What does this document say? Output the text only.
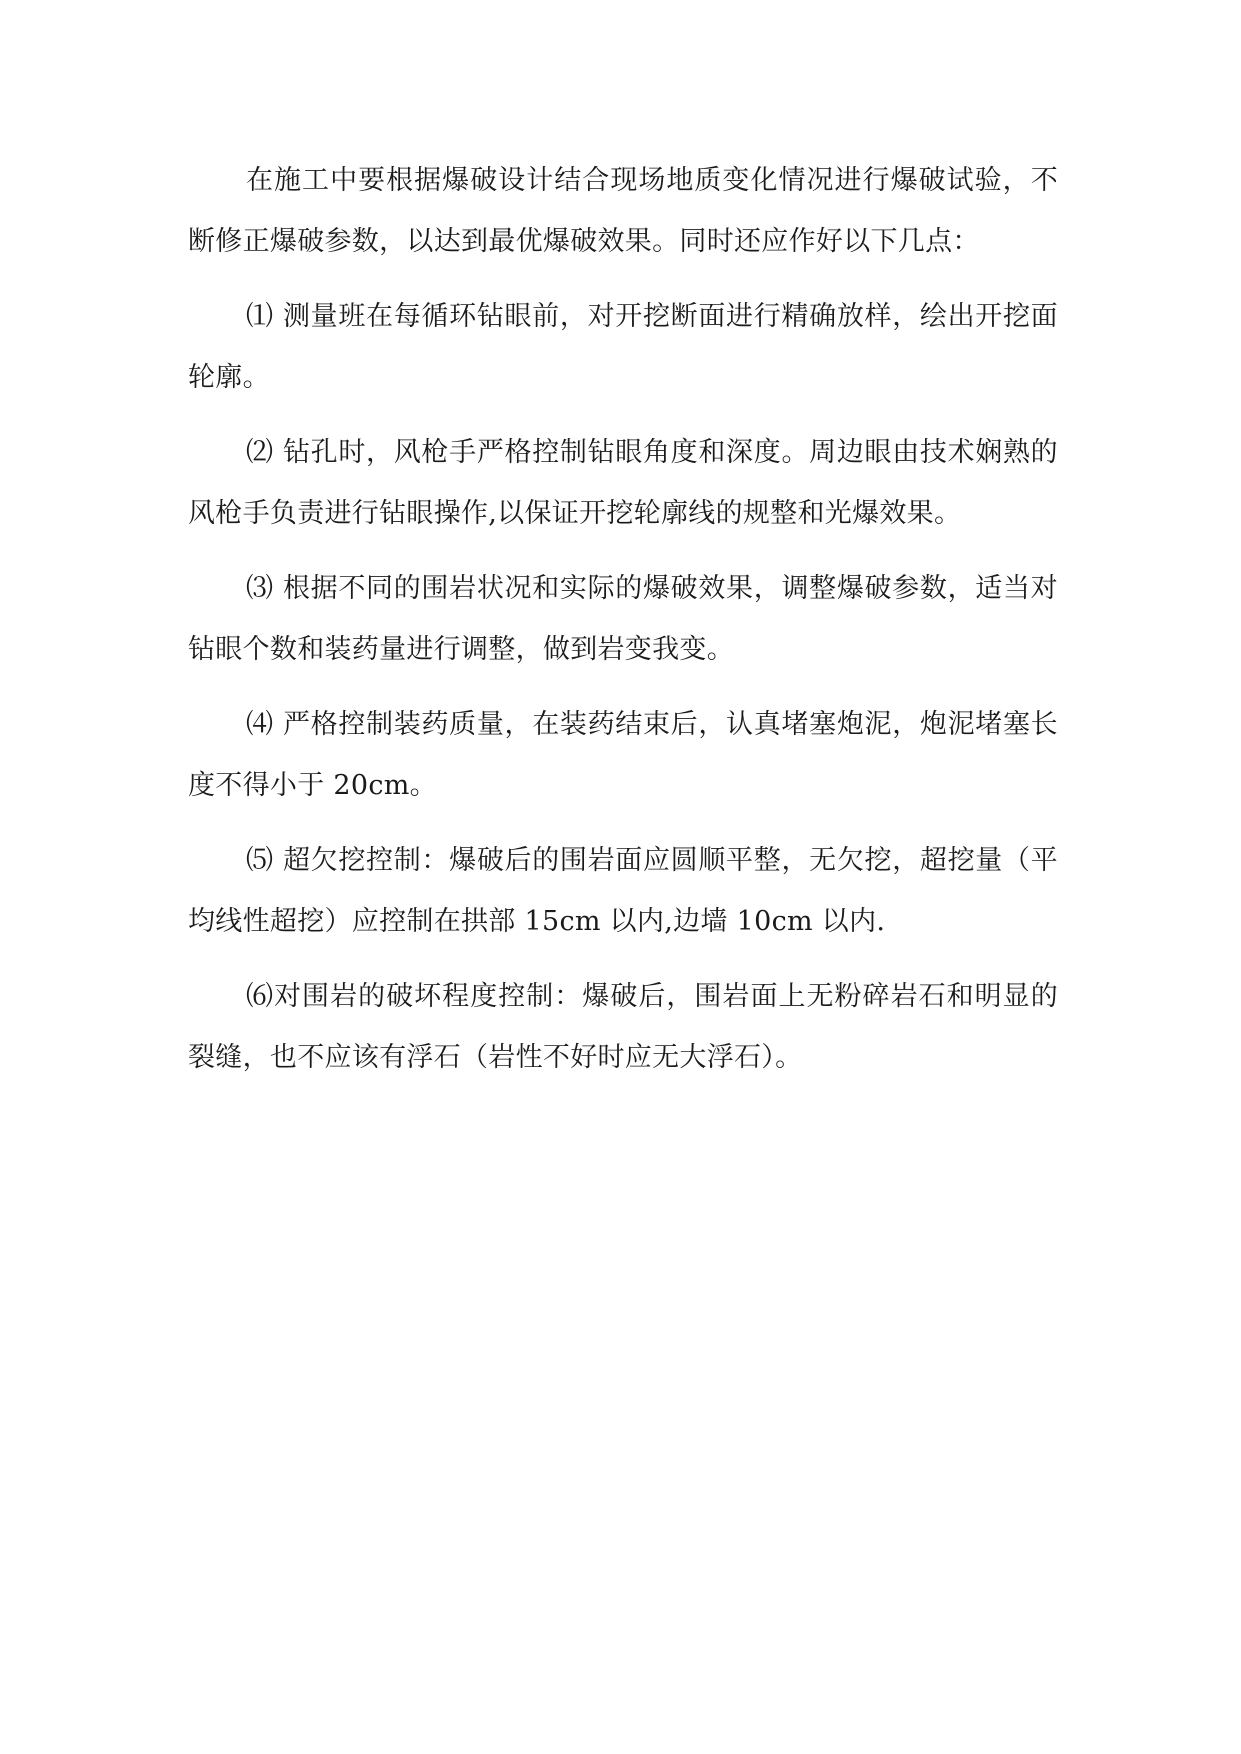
在施工中要根据爆破设计结合现场地质变化情况进行爆破试验，不断修正爆破参数，以达到最优爆破效果。同时还应作好以下几点：

⑴ 测量班在每循环钻眼前，对开挖断面进行精确放样，绘出开挖面轮廓。

⑵ 钻孔时，风枪手严格控制钻眼角度和深度。周边眼由技术娴熟的风枪手负责进行钻眼操作,以保证开挖轮廓线的规整和光爆效果。

⑶ 根据不同的围岩状况和实际的爆破效果，调整爆破参数，适当对钻眼个数和装药量进行调整，做到岩变我变。

⑷ 严格控制装药质量，在装药结束后，认真堵塞炮泥，炮泥堵塞长度不得小于 20cm。

⑸ 超欠挖控制：爆破后的围岩面应圆顺平整，无欠挖，超挖量（平均线性超挖）应控制在拱部 15cm 以内,边墙 10cm 以内.

⑹对围岩的破坏程度控制：爆破后，围岩面上无粉碎岩石和明显的裂缝，也不应该有浮石（岩性不好时应无大浮石）。
